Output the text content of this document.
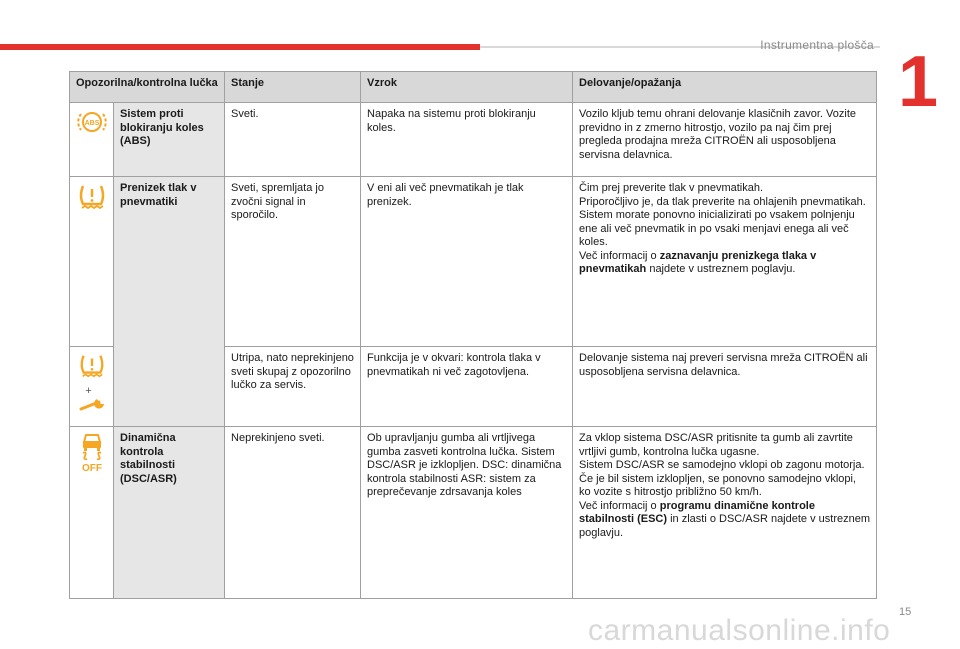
Instrumentna plošča 1
Opozorilna/kontrolna lučka		Stanje	Vzrok	Delovanje/opažanja

ABS	Sistem proti blokiranju koles (ABS)	Sveti.	Napaka na sistemu proti blokiranju koles.	Vozilo kljub temu ohrani delovanje klasičnih zavor. Vozite previdno in z zmerno hitrostjo, vozilo pa naj čim prej pregleda prodajna mreža CITROËN ali usposobljena servisna delavnica.
	Prenizek tlak v pnevmatiki	Sveti, spremljata jo zvočni signal in sporočilo.	V eni ali več pnevmatikah je tlak prenizek.	Čim prej preverite tlak v pnevmatikah.
Priporočljivo je, da tlak preverite na ohlajenih pnevmatikah.
Sistem morate ponovno inicializirati po vsakem polnjenju ene ali več pnevmatik in po vsaki menjavi enega ali več koles.
Več informacij o zaznavanju prenizkega tlaka v pnevmatikah najdete v ustreznem poglavju.

+		Utripa, nato neprekinjeno sveti skupaj z opozorilno lučko za servis.	Funkcija je v okvari: kontrola tlaka v pnevmatikah ni več zagotovljena.	Delovanje sistema naj preveri servisna mreža CITROËN ali usposobljena servisna delavnica.

OFF	Dinamična kontrola stabilnosti (DSC/ASR)	Neprekinjeno sveti.	Ob upravljanju gumba ali vrtljivega gumba zasveti kontrolna lučka. Sistem DSC/ASR je izklopljen. DSC: dinamična kontrola stabilnosti ASR: sistem za preprečevanje zdrsavanja koles	Za vklop sistema DSC/ASR pritisnite ta gumb ali zavrtite vrtljivi gumb, kontrolna lučka ugasne.
Sistem DSC/ASR se samodejno vklopi ob zagonu motorja.
Če je bil sistem izklopljen, se ponovno samodejno vklopi, ko vozite s hitrostjo približno 50 km/h.
Več informacij o programu dinamične kontrole stabilnosti (ESC) in zlasti o DSC/ASR najdete v ustreznem poglavju.
15
carmanualsonline.info
